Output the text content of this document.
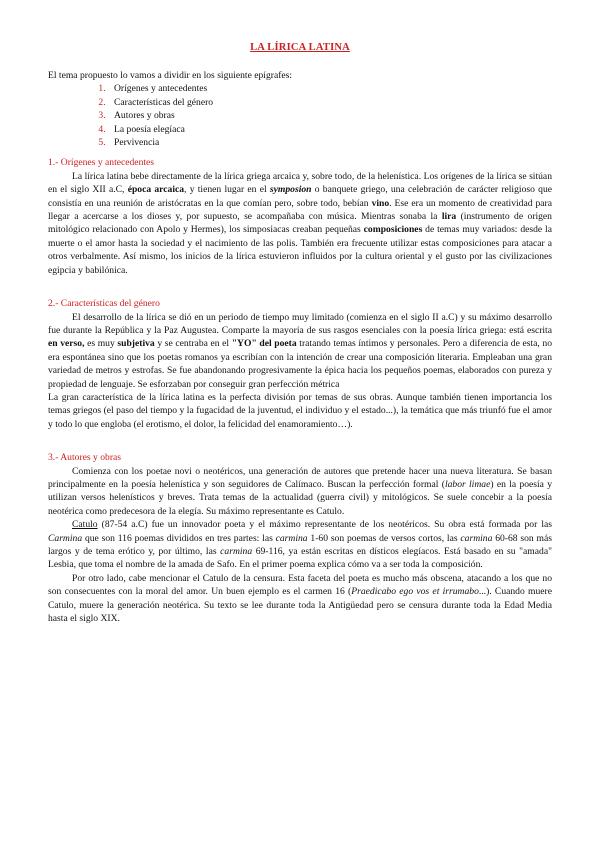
LA LÍRICA LATINA

El tema propuesto lo vamos a dividir en los siguiente epígrafes:

1. Orígenes y antecedentes
2. Características del género
3. Autores y obras
4. La poesía elegíaca
5. Pervivencia
1.- Orígenes y antecedentes

La lírica latina bebe directamente de la lírica griega arcaica y, sobre todo, de la helenística. Los orígenes de la lírica se sitúan en el siglo XII a.C, época arcaica, y tienen lugar en el symposion o banquete griego, una celebración de carácter religioso que consistía en una reunión de aristócratas en la que comían pero, sobre todo, bebían vino. Ese era un momento de creatividad para llegar a acercarse a los dioses y, por supuesto, se acompañaba con música. Mientras sonaba la lira (instrumento de origen mitológico relacionado con Apolo y Hermes), los simposiacas creaban pequeñas composiciones de temas muy variados: desde la muerte o el amor hasta la sociedad y el nacimiento de las polis. También era frecuente utilizar estas composiciones para atacar a otros verbalmente. Así mismo, los inicios de la lírica estuvieron influidos por la cultura oriental y el gusto por las civilizaciones egipcia y babilónica.

2.- Características del género

El desarrollo de la lírica se dió en un periodo de tiempo muy limitado (comienza en el siglo II a.C) y su máximo desarrollo fue durante la República y la Paz Augustea. Comparte la mayoría de sus rasgos esenciales con la poesía lírica griega: está escrita en verso, es muy subjetiva y se centraba en el "YO" del poeta tratando temas íntimos y personales. Pero a diferencia de esta, no era espontánea sino que los poetas romanos ya escribían con la intención de crear una composición literaria. Empleaban una gran variedad de metros y estrofas. Se fue abandonando progresivamente la épica hacia los pequeños poemas, elaborados con pureza y propiedad de lenguaje. Se esforzaban por conseguir gran perfección métrica

La gran característica de la lírica latina es la perfecta división por temas de sus obras. Aunque también tienen importancia los temas griegos (el paso del tiempo y la fugacidad de la juventud, el individuo y el estado...), la temática que más triunfó fue el amor y todo lo que engloba (el erotismo, el dolor, la felicidad del enamoramiento…).

3.- Autores y obras

Comienza con los poetae novi o neotéricos, una generación de autores que pretende hacer una nueva literatura. Se basan principalmente en la poesía helenística y son seguidores de Calímaco. Buscan la perfección formal (labor limae) en la poesía y utilizan versos helenísticos y breves. Trata temas de la actualidad (guerra civil) y mitológicos. Se suele concebir a la poesía neotérica como predecesora de la elegía. Su máximo representante es Catulo.

Catulo (87-54 a.C) fue un innovador poeta y el máximo representante de los neotéricos. Su obra está formada por las Carmina que son 116 poemas divididos en tres partes: las carmina 1-60 son poemas de versos cortos, las carmina 60-68 son más largos y de tema erótico y, por último, las carmina 69-116, ya están escritas en dísticos elegíacos. Está basado en su "amada" Lesbia, que toma el nombre de la amada de Safo. En el primer poema explica cómo va a ser toda la composición.

Por otro lado, cabe mencionar el Catulo de la censura. Esta faceta del poeta es mucho más obscena, atacando a los que no son consecuentes con la moral del amor. Un buen ejemplo es el carmen 16 (Praedicabo ego vos et irrumabo...). Cuando muere Catulo, muere la generación neotérica. Su texto se lee durante toda la Antigüedad pero se censura durante toda la Edad Media hasta el siglo XIX.
